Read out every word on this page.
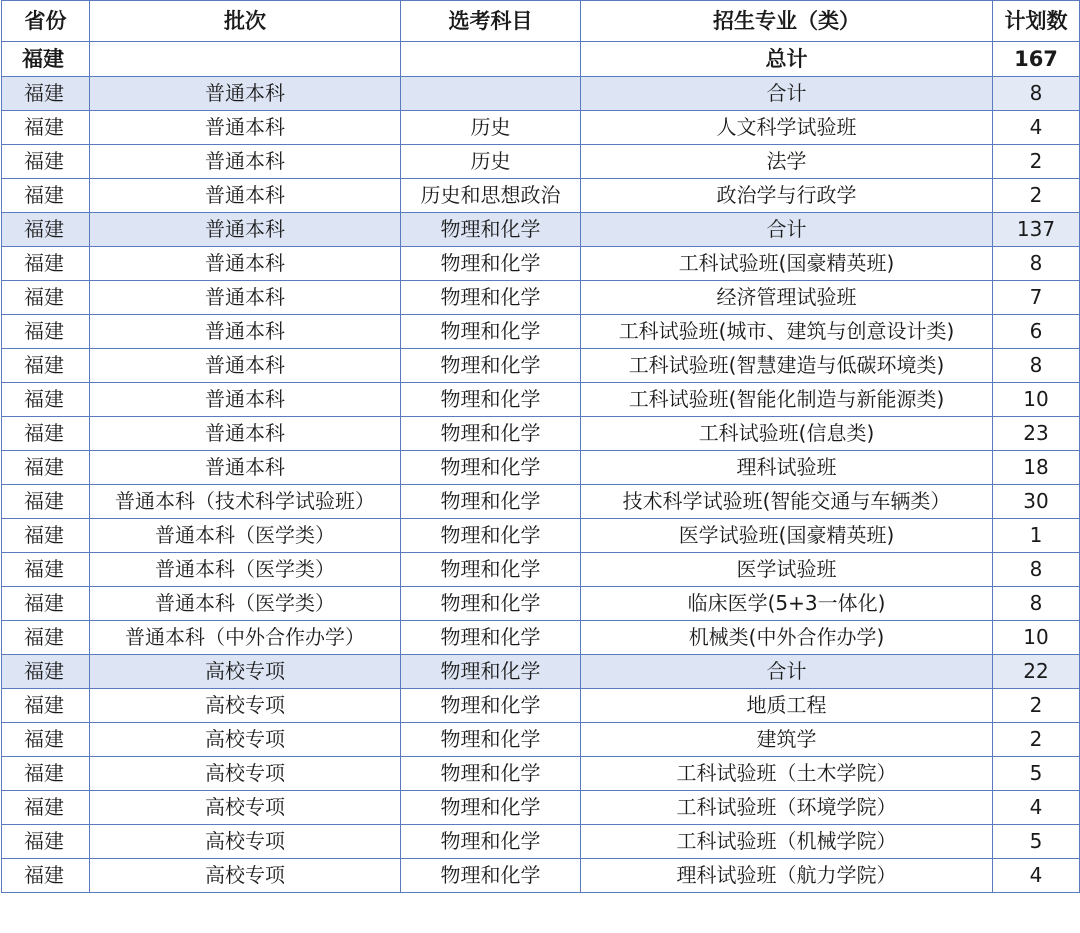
省份	批次	选考科目	招生专业（类）	计划数
福建			总计	167
福建	普通本科		合计	8
福建	普通本科	历史	人文科学试验班	4
福建	普通本科	历史	法学	2
福建	普通本科	历史和思想政治	政治学与行政学	2
福建	普通本科	物理和化学	合计	137
福建	普通本科	物理和化学	工科试验班(国豪精英班)	8
福建	普通本科	物理和化学	经济管理试验班	7
福建	普通本科	物理和化学	工科试验班(城市、建筑与创意设计类)	6
福建	普通本科	物理和化学	工科试验班(智慧建造与低碳环境类)	8
福建	普通本科	物理和化学	工科试验班(智能化制造与新能源类)	10
福建	普通本科	物理和化学	工科试验班(信息类)	23
福建	普通本科	物理和化学	理科试验班	18
福建	普通本科（技术科学试验班）	物理和化学	技术科学试验班(智能交通与车辆类）	30
福建	普通本科（医学类）	物理和化学	医学试验班(国豪精英班)	1
福建	普通本科（医学类）	物理和化学	医学试验班	8
福建	普通本科（医学类）	物理和化学	临床医学(5+3一体化)	8
福建	普通本科（中外合作办学）	物理和化学	机械类(中外合作办学)	10
福建	高校专项	物理和化学	合计	22
福建	高校专项	物理和化学	地质工程	2
福建	高校专项	物理和化学	建筑学	2
福建	高校专项	物理和化学	工科试验班（土木学院）	5
福建	高校专项	物理和化学	工科试验班（环境学院）	4
福建	高校专项	物理和化学	工科试验班（机械学院）	5
福建	高校专项	物理和化学	理科试验班（航力学院）	4
